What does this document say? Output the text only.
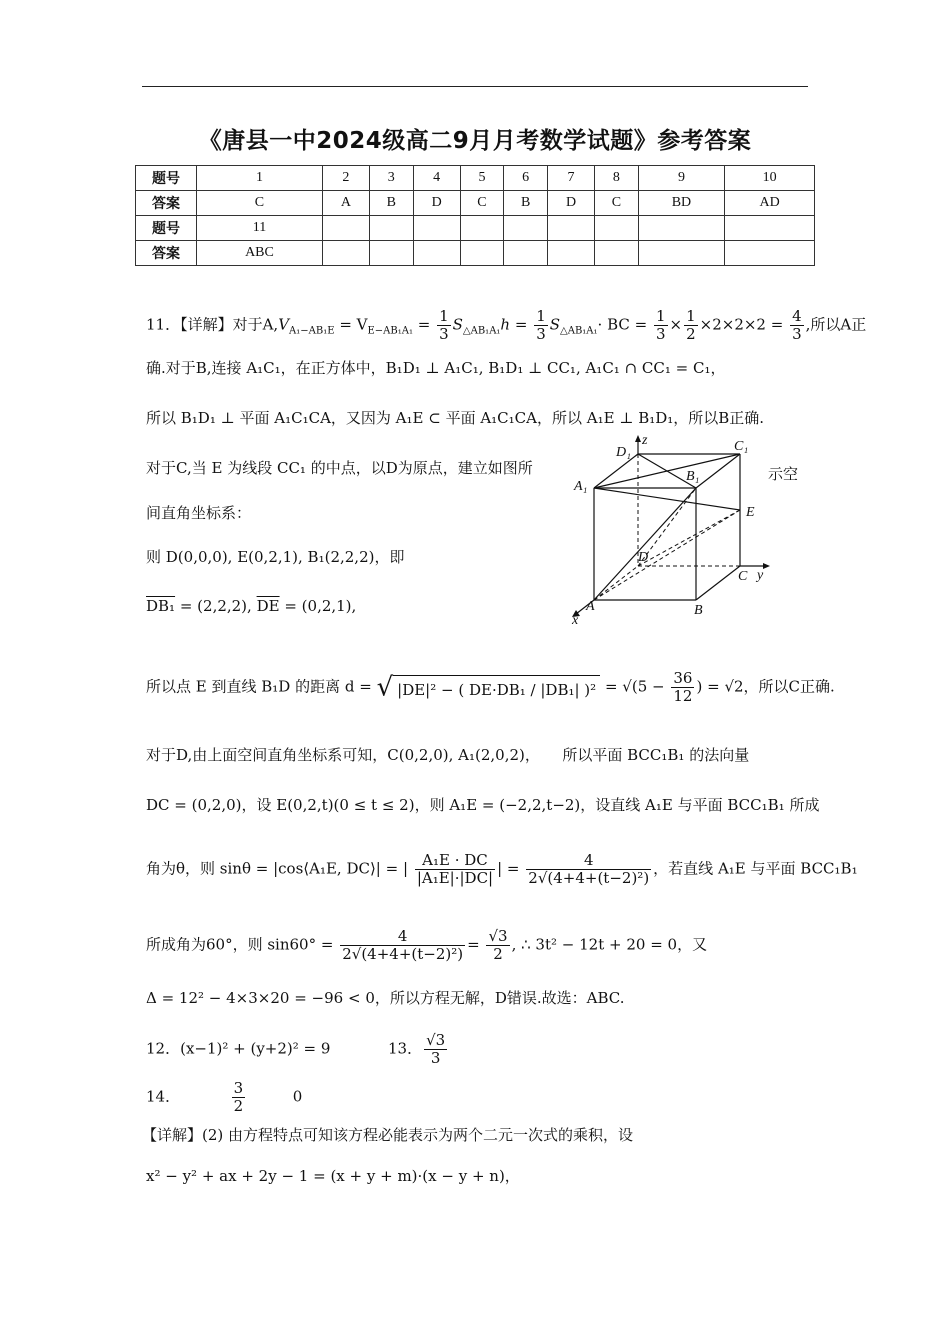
《唐县一中2024级高二9月月考数学试题》参考答案
题号	1	2	3	4	5	6	7	8	9	10
答案	C	A	B	D	C	B	D	C	BD	AD
题号	11									
答案	ABC									
11．【详解】对于$A,V_{A_1-AB_1E} = V_{E-AB_1A_1} = \frac{1}{3} S_{\triangle AB_1A_1}h = \frac{1}{3} S_{\triangle AB_1A_1}\cdot$ BC = $\frac{1}{3} \times \frac{1}{2} \times 2\times 2\times 2 = \frac{4}{3}$ ,所以A正
确.对于B,连接 A₁C₁，在正方体中，B₁D₁ ⊥ A₁C₁, B₁D₁ ⊥ CC₁, A₁C₁ ∩ CC₁ = C₁，
所以 B₁D₁ ⊥ 平面 A₁C₁CA，又因为 A₁E ⊂ 平面 A₁C₁CA，所以 A₁E ⊥ B₁D₁，所以B正确.
对于C,当 E 为线段 CC₁ 的中点，以D为原点，建立如图所	示空
间直角坐标系：
则 D(0,0,0), E(0,2,1), B₁(2,2,2)，即
DB₁ = (2,2,2), $\overline{DE} = (0,2,1)$,
所以点 E 到直线 B₁D 的距离 d = √ |DE|² − ( DE·DB₁ / |DB₁| )$^2 = √(5 - \frac{36}{12}$ ) = √2，所以C正确.
对于D,由上面空间直角坐标系可知，C(0,2,0), A₁(2,0,2)，　　所以平面 BCC₁B₁ 的法向量
DC = (0,2,0)，设 E(0,2,t)(0 ≤ t ≤ 2)，则 A₁E = (−2,2,t−2)，设直线 A₁E 与平面 BCC₁B₁ 所成
角为θ，则 sinθ = |cos⟨A₁E, DC⟩| = | $\frac{\text{A₁E · DC}}{\text{|A₁E|·|DC|}}$ | = $\frac{4}{\text{2√(4+4+(t−2)²)}}$ ，若直线 A₁E 与平面 BCC₁B₁
所成角为60°，则 $\sin 60^\circ = \frac{4}{\text{2√(4+4+(t−2)²)}} = \frac{√3}{2}$ , ∴ 3t² − 12t + 20 = 0，又
Δ = 12² − 4×3×20 = −96 < 0，所以方程无解，D错误.故选：ABC.
12．(x−1)² + (y+2)² = 9	13． $\frac{√3}{3}$
14．	$\frac{3}{2}$	0
【详解】(2) 由方程特点可知该方程必能表示为两个二元一次式的乘积，设
x² − y² + ax + 2y − 1 = (x + y + m)·(x − y + n)，
D₁
z	C₁
B₁
A₁
E
D
C y
A	B
x
